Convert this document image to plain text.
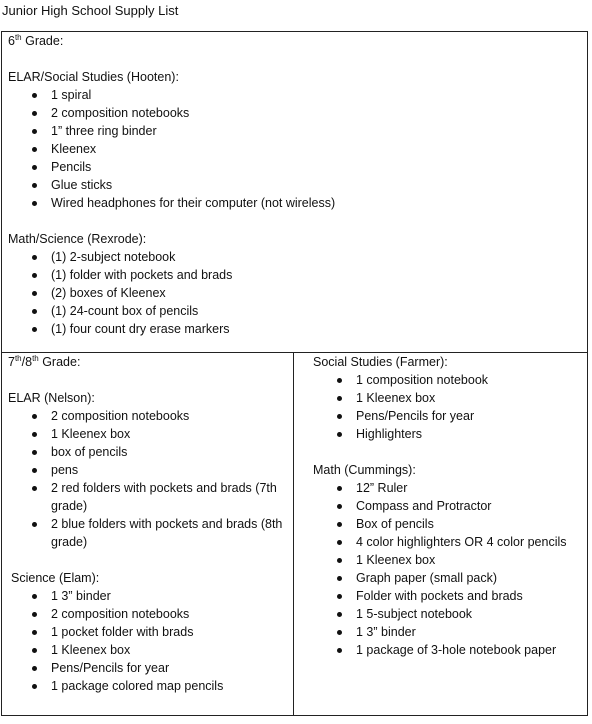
Junior High School Supply List
6th Grade:
ELAR/Social Studies (Hooten):
1 spiral
2 composition notebooks
1” three ring binder
Kleenex
Pencils
Glue sticks
Wired headphones for their computer (not wireless)
Math/Science (Rexrode):
(1) 2-subject notebook
(1) folder with pockets and brads
(2) boxes of Kleenex
(1) 24-count box of pencils
(1) four count dry erase markers
7th/8th Grade:
ELAR (Nelson):
2 composition notebooks
1 Kleenex box
box of pencils
pens
2 red folders with pockets and brads (7th grade)
2 blue folders with pockets and brads (8th grade)
Science (Elam):
1 3” binder
2 composition notebooks
1 pocket folder with brads
1 Kleenex box
Pens/Pencils for year
1 package colored map pencils
Social Studies (Farmer):
1 composition notebook
1 Kleenex box
Pens/Pencils for year
Highlighters
Math (Cummings):
12” Ruler
Compass and Protractor
Box of pencils
4 color highlighters OR 4 color pencils
1 Kleenex box
Graph paper (small pack)
Folder with pockets and brads
1 5-subject notebook
1 3” binder
1 package of 3-hole notebook paper
